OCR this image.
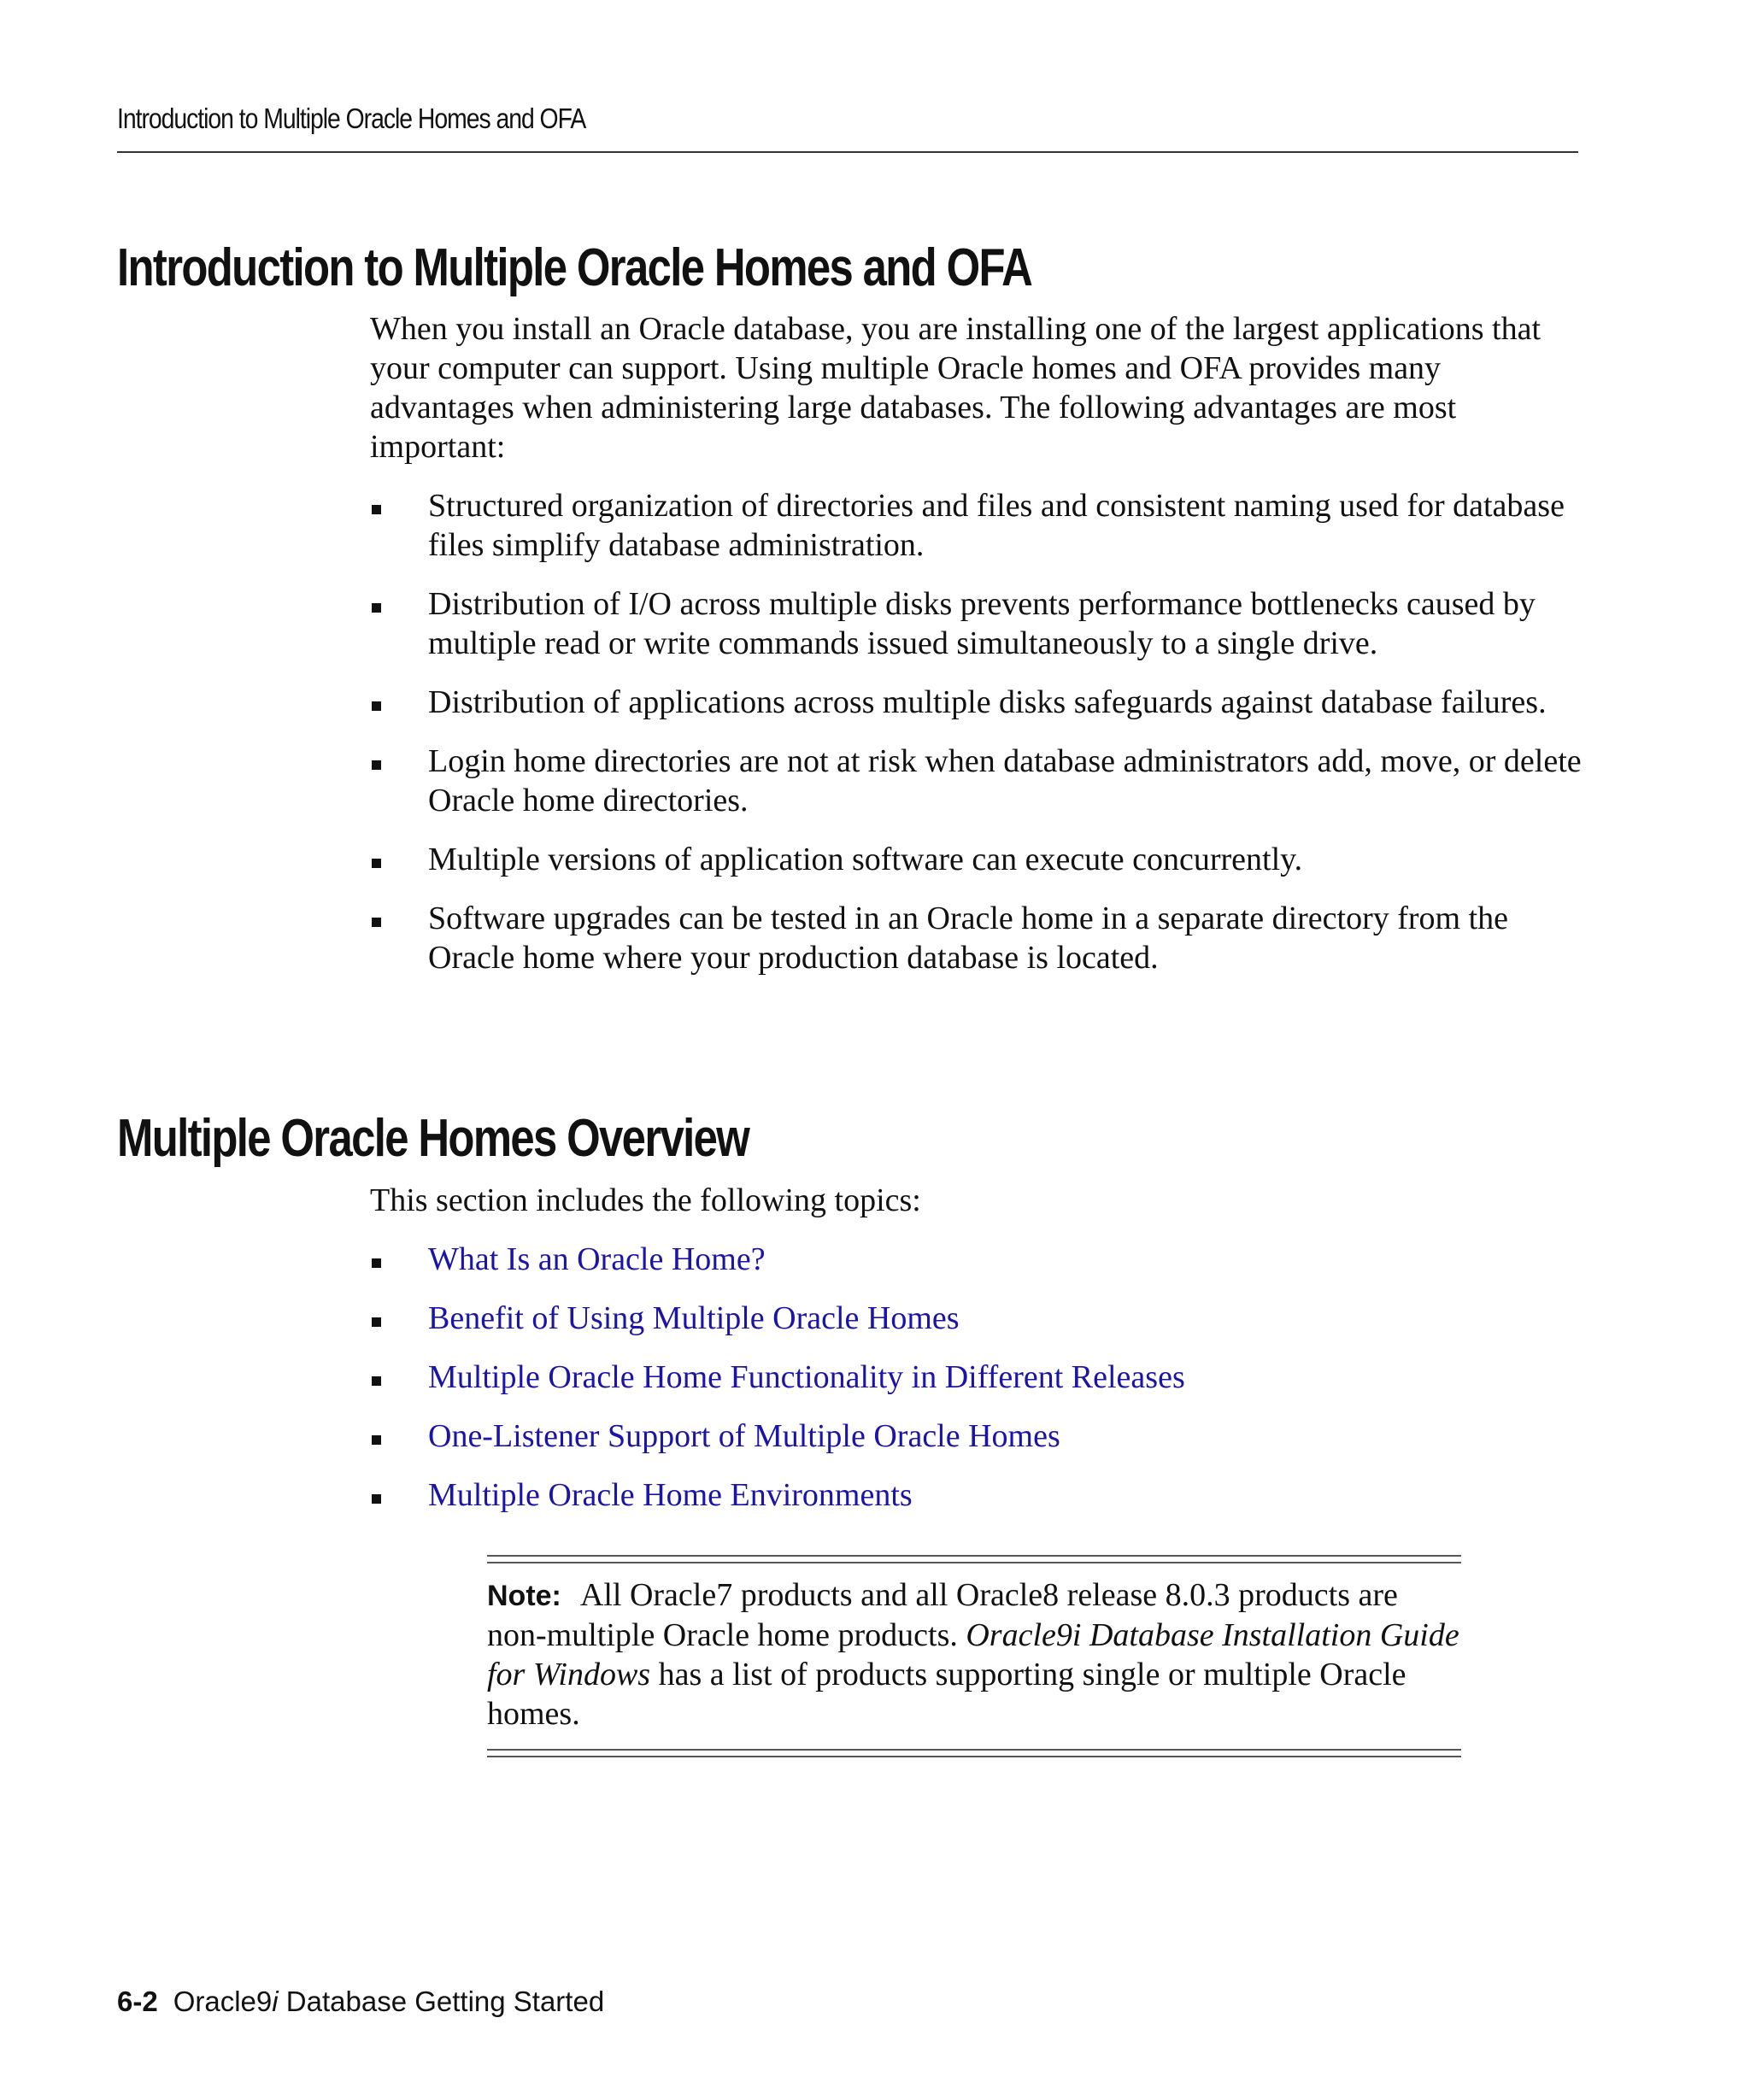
Introduction to Multiple Oracle Homes and OFA
Introduction to Multiple Oracle Homes and OFA

When you install an Oracle database, you are installing one of the largest applications that your computer can support. Using multiple Oracle homes and OFA provides many advantages when administering large databases. The following advantages are most important:

Structured organization of directories and files and consistent naming used for database files simplify database administration.
Distribution of I/O across multiple disks prevents performance bottlenecks caused by multiple read or write commands issued simultaneously to a single drive.
Distribution of applications across multiple disks safeguards against database failures.
Login home directories are not at risk when database administrators add, move, or delete Oracle home directories.
Multiple versions of application software can execute concurrently.
Software upgrades can be tested in an Oracle home in a separate directory from the Oracle home where your production database is located.
Multiple Oracle Homes Overview

This section includes the following topics:

What Is an Oracle Home?
Benefit of Using Multiple Oracle Homes
Multiple Oracle Home Functionality in Different Releases
One-Listener Support of Multiple Oracle Homes
Multiple Oracle Home Environments
Note: All Oracle7 products and all Oracle8 release 8.0.3 products are non-multiple Oracle home products. Oracle9i Database Installation Guide for Windows has a list of products supporting single or multiple Oracle homes.
6-2 Oracle9i Database Getting Started
